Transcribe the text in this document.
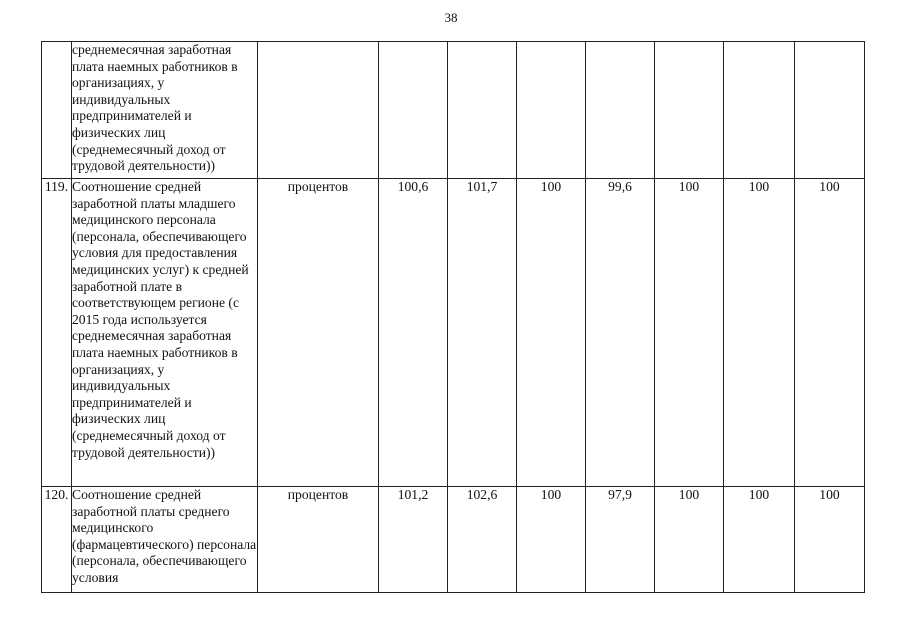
38
	среднемесячная заработная плата наемных работников в организациях, у индивидуальных предпринимателей и физических лиц (среднемесячный доход от трудовой деятельности))								
119.	Соотношение средней заработной платы младшего медицинского персонала (персонала, обеспечивающего условия для предоставления медицинских услуг) к средней заработной плате в соответствующем регионе (с 2015 года используется среднемесячная заработная плата наемных работников в организациях, у индивидуальных предпринимателей и физических лиц (среднемесячный доход от трудовой деятельности))	процентов	100,6	101,7	100	99,6	100	100	100
120.	Соотношение средней заработной платы среднего медицинского (фармацевтического) персонала (персонала, обеспечивающего условия	процентов	101,2	102,6	100	97,9	100	100	100
